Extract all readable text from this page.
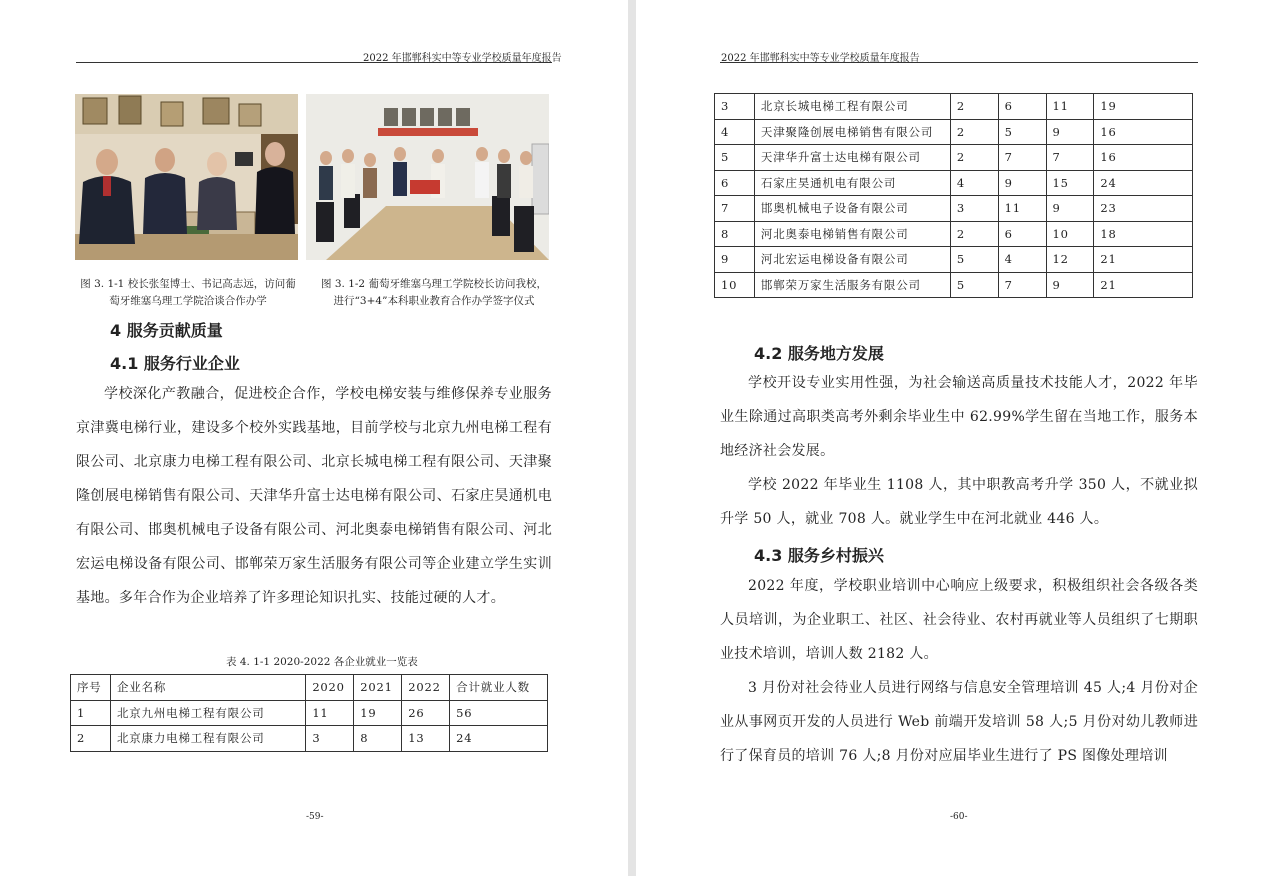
2022 年邯郸科实中等专业学校质量年度报告
图 3. 1-1 校长张玺博士、书记高志远，访问葡萄牙维塞乌理工学院洽谈合作办学
图 3. 1-2 葡萄牙维塞乌理工学院校长访问我校，进行“3+4”本科职业教育合作办学签字仪式
4 服务贡献质量
4.1 服务行业企业

学校深化产教融合，促进校企合作，学校电梯安装与维修保养专业服务京津冀电梯行业，建设多个校外实践基地，目前学校与北京九州电梯工程有限公司、北京康力电梯工程有限公司、北京长城电梯工程有限公司、天津聚隆创展电梯销售有限公司、天津华升富士达电梯有限公司、石家庄昊通机电有限公司、邯奥机械电子设备有限公司、河北奥泰电梯销售有限公司、河北宏运电梯设备有限公司、邯郸荣万家生活服务有限公司等企业建立学生实训基地。多年合作为企业培养了许多理论知识扎实、技能过硬的人才。

表 4. 1-1 2020-2022 各企业就业一览表
序号	企业名称	2020	2021	2022	合计就业人数
1	北京九州电梯工程有限公司	11	19	26	56
2	北京康力电梯工程有限公司	3	8	13	24
-59-
2022 年邯郸科实中等专业学校质量年度报告
3	北京长城电梯工程有限公司	2	6	11	19
4	天津聚隆创展电梯销售有限公司	2	5	9	16
5	天津华升富士达电梯有限公司	2	7	7	16
6	石家庄昊通机电有限公司	4	9	15	24
7	邯奥机械电子设备有限公司	3	11	9	23
8	河北奥泰电梯销售有限公司	2	6	10	18
9	河北宏运电梯设备有限公司	5	4	12	21
10	邯郸荣万家生活服务有限公司	5	7	9	21
4.2 服务地方发展

学校开设专业实用性强，为社会输送高质量技术技能人才，2022 年毕业生除通过高职类高考外剩余毕业生中 62.99%学生留在当地工作，服务本地经济社会发展。

学校 2022 年毕业生 1108 人，其中职教高考升学 350 人，不就业拟升学 50 人，就业 708 人。就业学生中在河北就业 446 人。

4.3 服务乡村振兴

2022 年度，学校职业培训中心响应上级要求，积极组织社会各级各类人员培训，为企业职工、社区、社会待业、农村再就业等人员组织了七期职业技术培训，培训人数 2182 人。

3 月份对社会待业人员进行网络与信息安全管理培训 45 人;4 月份对企业从事网页开发的人员进行 Web 前端开发培训 58 人;5 月份对幼儿教师进行了保育员的培训 76 人;8 月份对应届毕业生进行了 PS 图像处理培训

-60-
